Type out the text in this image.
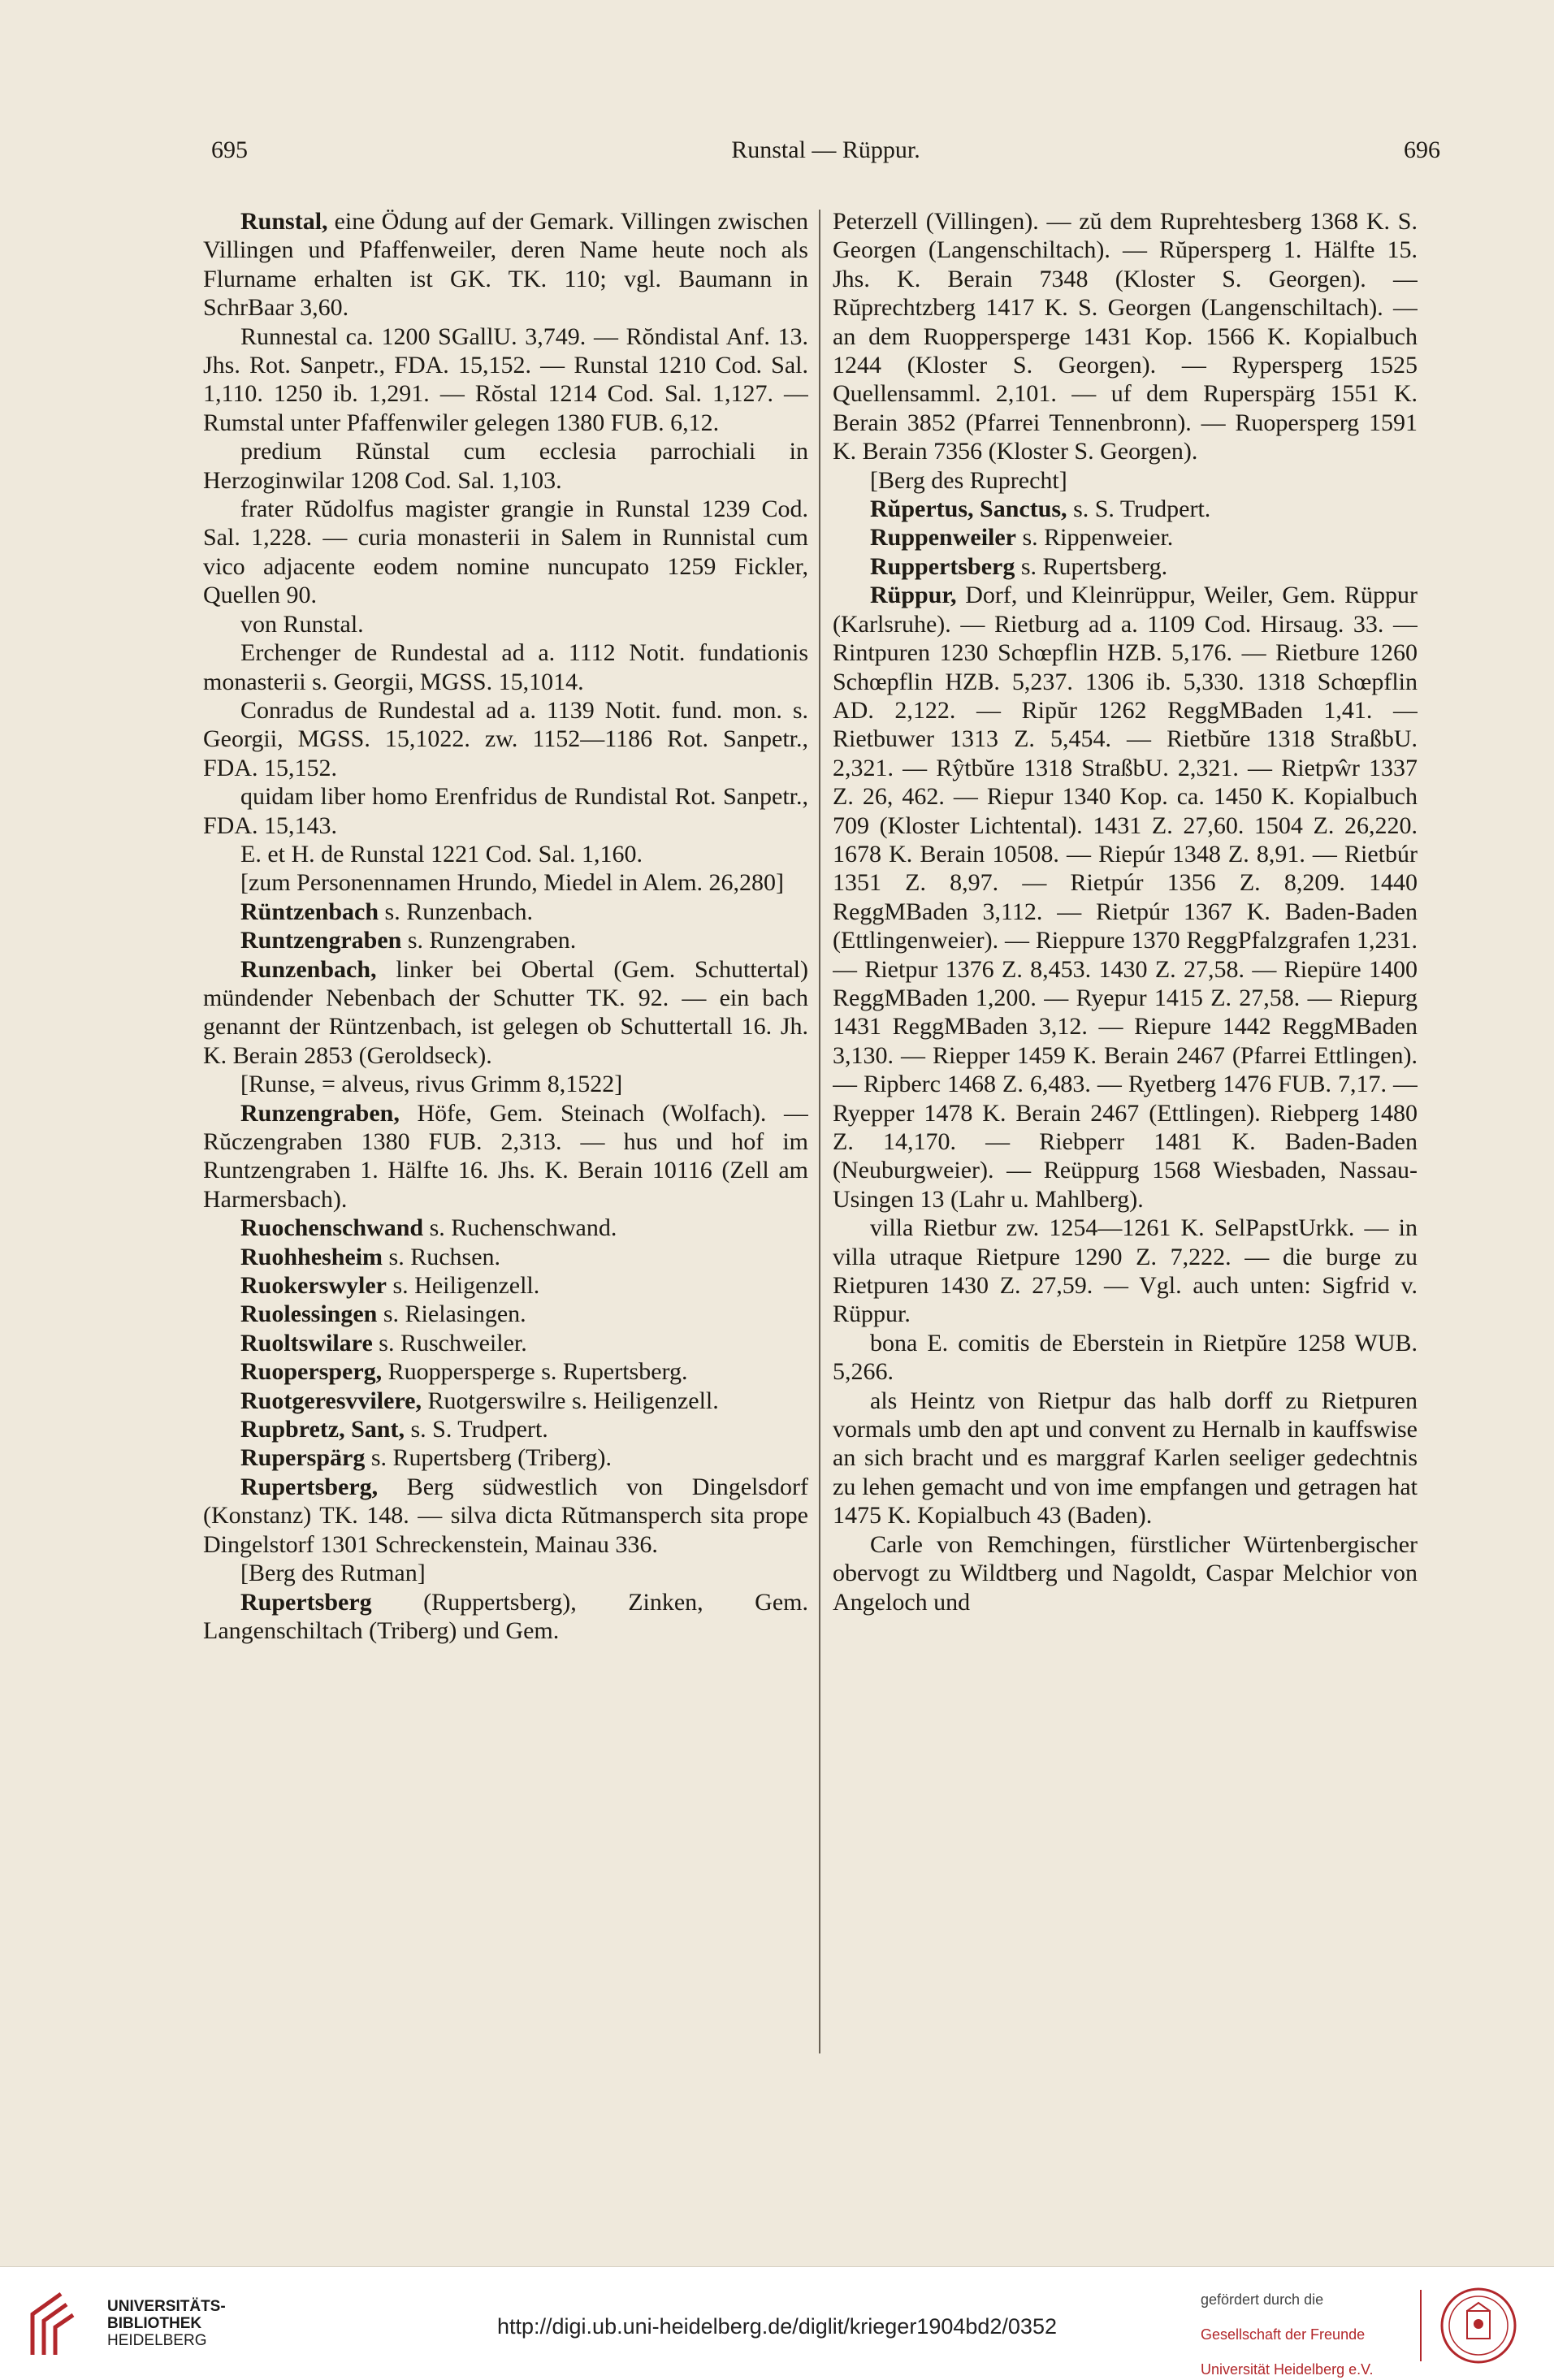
695	Runstal — Rüppur.	696

Runstal, eine Ödung auf der Gemark. Villingen zwischen Villingen und Pfaffenweiler, deren Name heute noch als Flurname erhalten ist GK. TK. 110; vgl. Baumann in SchrBaar 3,60.

Runnestal ca. 1200 SGallU. 3,749. — Rŏndistal Anf. 13. Jhs. Rot. Sanpetr., FDA. 15,152. — Runstal 1210 Cod. Sal. 1,110. 1250 ib. 1,291. — Rŏstal 1214 Cod. Sal. 1,127. — Rumstal unter Pfaffenwiler gelegen 1380 FUB. 6,12.

predium Rŭnstal cum ecclesia parrochiali in Herzoginwilar 1208 Cod. Sal. 1,103.

frater Rŭdolfus magister grangie in Runstal 1239 Cod. Sal. 1,228. — curia monasterii in Salem in Runnistal cum vico adjacente eodem nomine nuncupato 1259 Fickler, Quellen 90.

von Runstal.

Erchenger de Rundestal ad a. 1112 Notit. fundationis monasterii s. Georgii, MGSS. 15,1014.

Conradus de Rundestal ad a. 1139 Notit. fund. mon. s. Georgii, MGSS. 15,1022. zw. 1152—1186 Rot. Sanpetr., FDA. 15,152.

quidam liber homo Erenfridus de Rundistal Rot. Sanpetr., FDA. 15,143.

E. et H. de Runstal 1221 Cod. Sal. 1,160.

[zum Personennamen Hrundo, Miedel in Alem. 26,280]

Rüntzenbach s. Runzenbach.

Runtzengraben s. Runzengraben.

Runzenbach, linker bei Obertal (Gem. Schuttertal) mündender Nebenbach der Schutter TK. 92. — ein bach genannt der Rüntzenbach, ist gelegen ob Schuttertall 16. Jh. K. Berain 2853 (Geroldseck).

[Runse, = alveus, rivus Grimm 8,1522]

Runzengraben, Höfe, Gem. Steinach (Wolfach). — Rŭczengraben 1380 FUB. 2,313. — hus und hof im Runtzengraben 1. Hälfte 16. Jhs. K. Berain 10116 (Zell am Harmersbach).

Ruochenschwand s. Ruchenschwand.

Ruohhesheim s. Ruchsen.

Ruokerswyler s. Heiligenzell.

Ruolessingen s. Rielasingen.

Ruoltswilare s. Ruschweiler.

Ruopersperg, Ruoppersperge s. Rupertsberg.

Ruotgeresvvilere, Ruotgerswilre s. Heiligenzell.

Rupbretz, Sant, s. S. Trudpert.

Ruperspärg s. Rupertsberg (Triberg).

Rupertsberg, Berg südwestlich von Dingelsdorf (Konstanz) TK. 148. — silva dicta Rŭtmansperch sita prope Dingelstorf 1301 Schreckenstein, Mainau 336.

[Berg des Rutman]

Rupertsberg (Ruppertsberg), Zinken, Gem. Langenschiltach (Triberg) und Gem.

Peterzell (Villingen). — zŭ dem Ruprehtesberg 1368 K. S. Georgen (Langenschiltach). — Rŭpersperg 1. Hälfte 15. Jhs. K. Berain 7348 (Kloster S. Georgen). — Rŭprechtzberg 1417 K. S. Georgen (Langenschiltach). — an dem Ruoppersperge 1431 Kop. 1566 K. Kopialbuch 1244 (Kloster S. Georgen). — Rypersperg 1525 Quellensamml. 2,101. — uf dem Ruperspärg 1551 K. Berain 3852 (Pfarrei Tennenbronn). — Ruopersperg 1591 K. Berain 7356 (Kloster S. Georgen).

[Berg des Ruprecht]

Rŭpertus, Sanctus, s. S. Trudpert.

Ruppenweiler s. Rippenweier.

Ruppertsberg s. Rupertsberg.

Rüppur, Dorf, und Kleinrüppur, Weiler, Gem. Rüppur (Karlsruhe). — Rietburg ad a. 1109 Cod. Hirsaug. 33. — Rintpuren 1230 Schœpflin HZB. 5,176. — Rietbure 1260 Schœpflin HZB. 5,237. 1306 ib. 5,330. 1318 Schœpflin AD. 2,122. — Ripŭr 1262 ReggMBaden 1,41. — Rietbuwer 1313 Z. 5,454. — Rietbŭre 1318 StraßbU. 2,321. — Rŷtbŭre 1318 StraßbU. 2,321. — Rietpŵr 1337 Z. 26, 462. — Riepur 1340 Kop. ca. 1450 K. Kopialbuch 709 (Kloster Lichtental). 1431 Z. 27,60. 1504 Z. 26,220. 1678 K. Berain 10508. — Riepúr 1348 Z. 8,91. — Rietbúr 1351 Z. 8,97. — Rietpúr 1356 Z. 8,209. 1440 ReggMBaden 3,112. — Rietpúr 1367 K. Baden-Baden (Ettlingenweier). — Rieppure 1370 ReggPfalzgrafen 1,231. — Rietpur 1376 Z. 8,453. 1430 Z. 27,58. — Riepüre 1400 ReggMBaden 1,200. — Ryepur 1415 Z. 27,58. — Riepurg 1431 ReggMBaden 3,12. — Riepure 1442 ReggMBaden 3,130. — Riepper 1459 K. Berain 2467 (Pfarrei Ettlingen). — Ripberc 1468 Z. 6,483. — Ryetberg 1476 FUB. 7,17. — Ryepper 1478 K. Berain 2467 (Ettlingen). Riebperg 1480 Z. 14,170. — Riebperr 1481 K. Baden-Baden (Neuburgweier). — Reüppurg 1568 Wiesbaden, Nassau-Usingen 13 (Lahr u. Mahlberg).

villa Rietbur zw. 1254—1261 K. SelPapstUrkk. — in villa utraque Rietpure 1290 Z. 7,222. — die burge zu Rietpuren 1430 Z. 27,59. — Vgl. auch unten: Sigfrid v. Rüppur.

bona E. comitis de Eberstein in Rietpŭre 1258 WUB. 5,266.

als Heintz von Rietpur das halb dorff zu Rietpuren vormals umb den apt und convent zu Hernalb in kauffswise an sich bracht und es marggraf Karlen seeliger gedechtnis zu lehen gemacht und von ime empfangen und getragen hat 1475 K. Kopialbuch 43 (Baden).

Carle von Remchingen, fürstlicher Würtenbergischer obervogt zu Wildtberg und Nagoldt, Caspar Melchior von Angeloch und

UNIVERSITÄTS-
BIBLIOTHEK
HEIDELBERG
http://digi.ub.uni-heidelberg.de/diglit/krieger1904bd2/0352
gefördert durch die
Gesellschaft der Freunde
Universität Heidelberg e.V.
